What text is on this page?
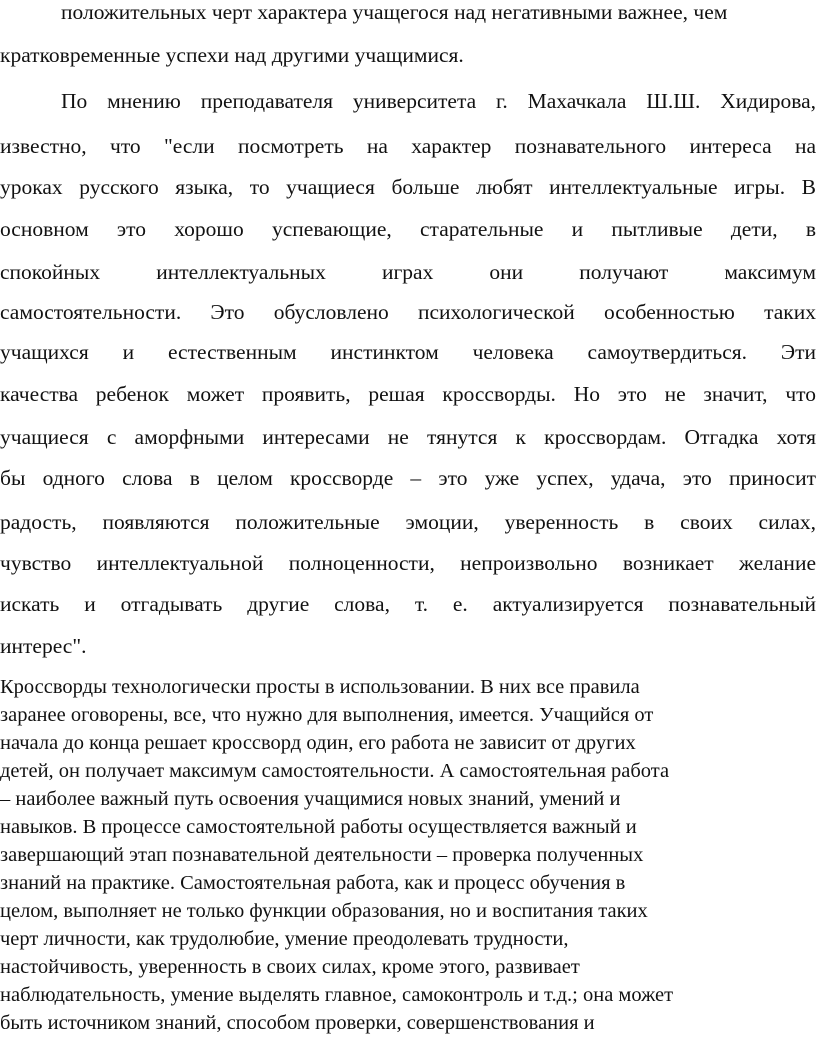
положительных черт характера учащегося над негативными важнее, чем

кратковременные успехи над другими учащимися.

По мнению преподавателя университета г. Махачкала Ш.Ш. Хидирова,

известно, что "если посмотреть на характер познавательного интереса на

уроках русского языка, то учащиеся больше любят интеллектуальные игры. В

основном это хорошо успевающие, старательные и пытливые дети, в

спокойных интеллектуальных играх они получают максимум

самостоятельности. Это обусловлено психологической особенностью таких

учащихся и естественным инстинктом человека самоутвердиться. Эти

качества ребенок может проявить, решая кроссворды. Но это не значит, что

учащиеся с аморфными интересами не тянутся к кроссвордам. Отгадка хотя

бы одного слова в целом кроссворде – это уже успех, удача, это приносит

радость, появляются положительные эмоции, уверенность в своих силах,

чувство интеллектуальной полноценности, непроизвольно возникает желание

искать и отгадывать другие слова, т. е. актуализируется познавательный

интерес".

Кроссворды технологически просты в использовании. В них все правила

заранее оговорены, все, что нужно для выполнения, имеется. Учащийся от

начала до конца решает кроссворд один, его работа не зависит от других

детей, он получает максимум самостоятельности. А самостоятельная работа

– наиболее важный путь освоения учащимися новых знаний, умений и

навыков. В процессе самостоятельной работы осуществляется важный и

завершающий этап познавательной деятельности – проверка полученных

знаний на практике. Самостоятельная работа, как и процесс обучения в

целом, выполняет не только функции образования, но и воспитания таких

черт личности, как трудолюбие, умение преодолевать трудности,

настойчивость, уверенность в своих силах, кроме этого, развивает

наблюдательность, умение выделять главное, самоконтроль и т.д.; она может

быть источником знаний, способом проверки, совершенствования и
